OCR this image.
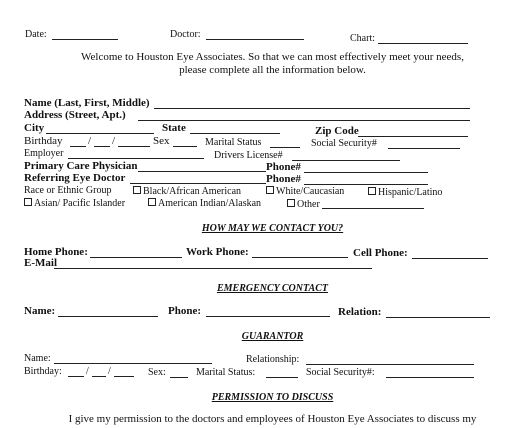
Date:	Doctor:	Chart:
Welcome to Houston Eye Associates. So that we can most effectively meet your needs,
please complete all the information below.
Name (Last, First, Middle)
Address (Street, Apt.)
City	State	Zip Code
Birthday / /	Sex	Marital Status	Social Security#
Employer	Drivers License#
Primary Care Physician	Phone#
Referring Eye Doctor	Phone#
Race or Ethnic Group	Black/African American	White/Caucasian	Hispanic/Latino
Asian/ Pacific Islander	American Indian/Alaskan	Other
HOW MAY WE CONTACT YOU?
Home Phone:	Work Phone:	Cell Phone:
E-Mail
EMERGENCY CONTACT
Name:	Phone:	Relation:
GUARANTOR
Name:	Relationship:
Birthday: / /	Sex:	Marital Status:	Social Security#:
PERMISSION TO DISCUSS
I give my permission to the doctors and employees of Houston Eye Associates to discuss my
